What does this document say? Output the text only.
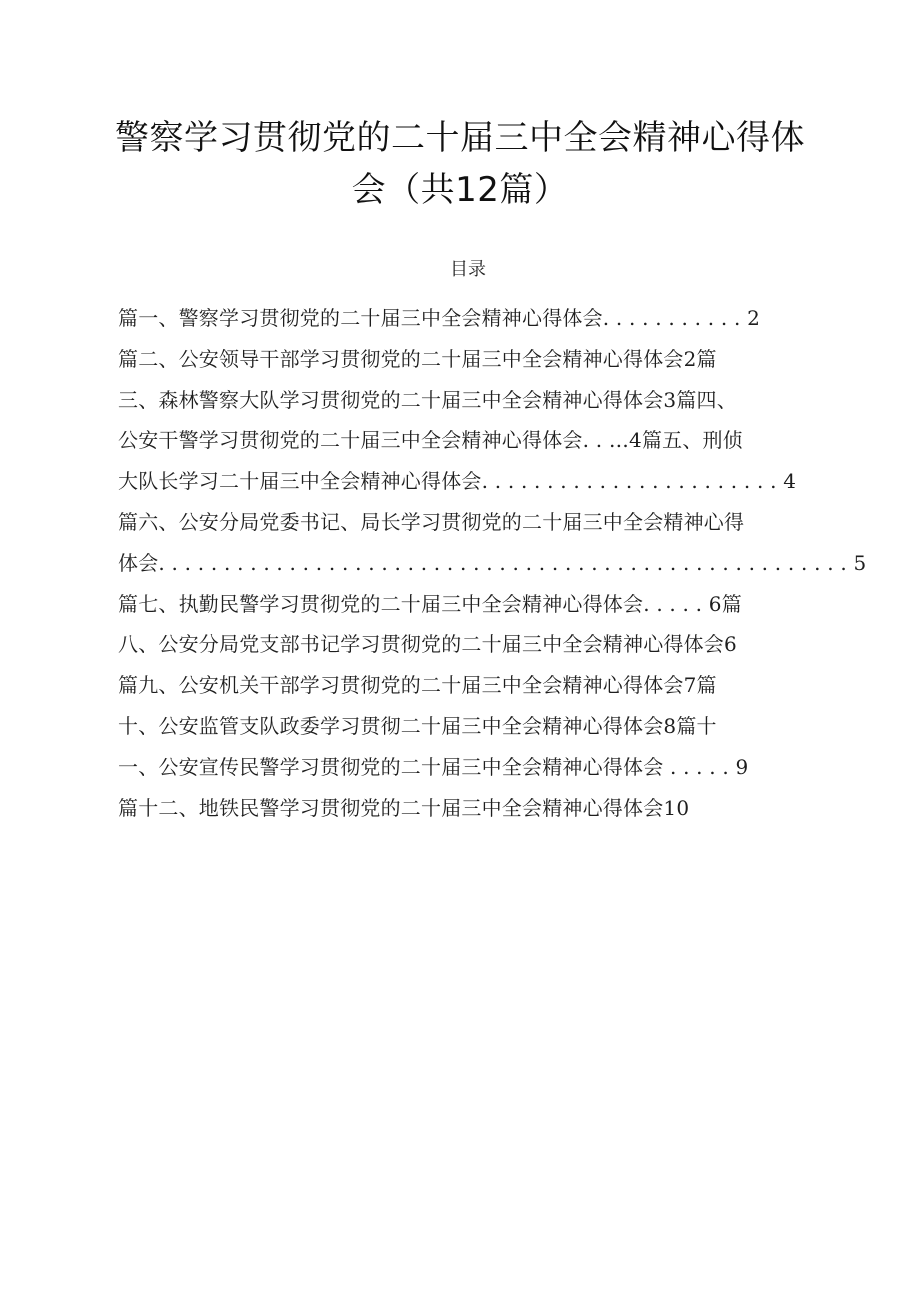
警察学习贯彻党的二十届三中全会精神心得体
会（共12篇）
目录
篇一、警察学习贯彻党的二十届三中全会精神心得体会. . . . . . . . . . . 2
篇二、公安领导干部学习贯彻党的二十届三中全会精神心得体会2篇
三、森林警察大队学习贯彻党的二十届三中全会精神心得体会3篇四、
公安干警学习贯彻党的二十届三中全会精神心得体会. . …4篇五、刑侦
大队长学习二十届三中全会精神心得体会. . . . . . . . . . . . . . . . . . . . . . . 4
篇六、公安分局党委书记、局长学习贯彻党的二十届三中全会精神心得
体会. . . . . . . . . . . . . . . . . . . . . . . . . . . . . . . . . . . . . . . . . . . . . . . . . . . . . 5
篇七、执勤民警学习贯彻党的二十届三中全会精神心得体会. . . . . 6篇
八、公安分局党支部书记学习贯彻党的二十届三中全会精神心得体会6
篇九、公安机关干部学习贯彻党的二十届三中全会精神心得体会7篇
十、公安监管支队政委学习贯彻二十届三中全会精神心得体会8篇十
一、公安宣传民警学习贯彻党的二十届三中全会精神心得体会 . . . . . 9
篇十二、地铁民警学习贯彻党的二十届三中全会精神心得体会10
